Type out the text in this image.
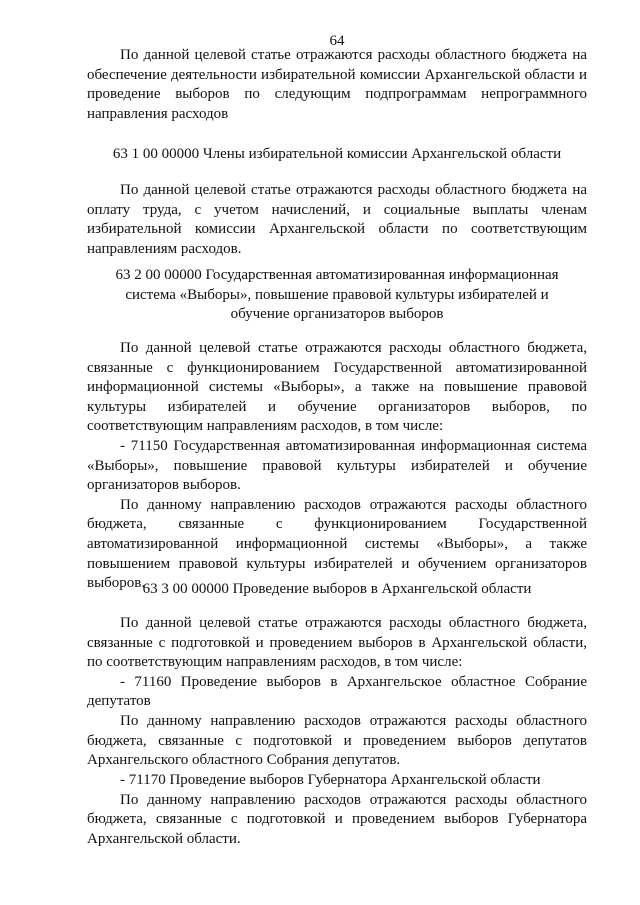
64

По данной целевой статье отражаются расходы областного бюджета на обеспечение деятельности избирательной комиссии Архангельской области и проведение выборов по следующим подпрограммам непрограммного направления расходов

63 1 00 00000 Члены избирательной комиссии Архангельской области

По данной целевой статье отражаются расходы областного бюджета на оплату труда, с учетом начислений, и социальные выплаты членам избирательной комиссии Архангельской области по соответствующим направлениям расходов.

63 2 00 00000 Государственная автоматизированная информационная система «Выборы», повышение правовой культуры избирателей и обучение организаторов выборов

По данной целевой статье отражаются расходы областного бюджета, связанные с функционированием Государственной автоматизированной информационной системы «Выборы», а также на повышение правовой культуры избирателей и обучение организаторов выборов, по соответствующим направлениям расходов, в том числе:

- 71150 Государственная автоматизированная информационная система «Выборы», повышение правовой культуры избирателей и обучение организаторов выборов.

По данному направлению расходов отражаются расходы областного бюджета, связанные с функционированием Государственной автоматизированной информационной системы «Выборы», а также повышением правовой культуры избирателей и обучением организаторов выборов.

63 3 00 00000 Проведение выборов в Архангельской области

По данной целевой статье отражаются расходы областного бюджета, связанные с подготовкой и проведением выборов в Архангельской области, по соответствующим направлениям расходов, в том числе:

- 71160 Проведение выборов в Архангельское областное Собрание депутатов

По данному направлению расходов отражаются расходы областного бюджета, связанные с подготовкой и проведением выборов депутатов Архангельского областного Собрания депутатов.

- 71170 Проведение выборов Губернатора Архангельской области

По данному направлению расходов отражаются расходы областного бюджета, связанные с подготовкой и проведением выборов Губернатора Архангельской области.
